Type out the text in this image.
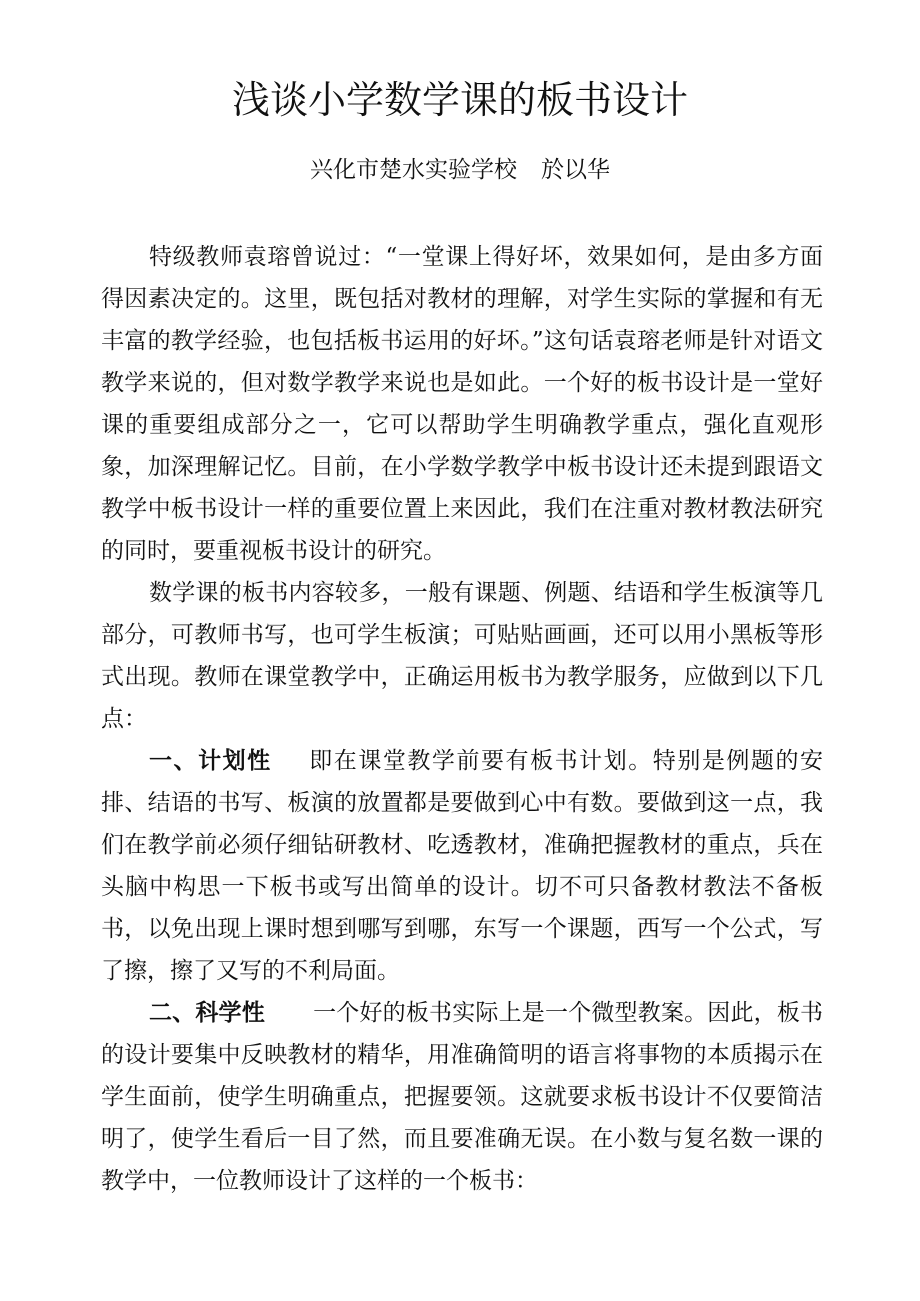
浅谈小学数学课的板书设计
兴化市楚水实验学校 於以华

特级教师袁瑢曾说过：“一堂课上得好坏，效果如何，是由多方面得因素决定的。这里，既包括对教材的理解，对学生实际的掌握和有无丰富的教学经验，也包括板书运用的好坏。”这句话袁瑢老师是针对语文教学来说的，但对数学教学来说也是如此。一个好的板书设计是一堂好课的重要组成部分之一，它可以帮助学生明确教学重点，强化直观形象，加深理解记忆。目前，在小学数学教学中板书设计还未提到跟语文教学中板书设计一样的重要位置上来因此，我们在注重对教材教法研究的同时，要重视板书设计的研究。

数学课的板书内容较多，一般有课题、例题、结语和学生板演等几部分，可教师书写，也可学生板演；可贴贴画画，还可以用小黑板等形式出现。教师在课堂教学中，正确运用板书为教学服务，应做到以下几点：

一、计划性 即在课堂教学前要有板书计划。特别是例题的安排、结语的书写、板演的放置都是要做到心中有数。要做到这一点，我们在教学前必须仔细钻研教材、吃透教材，准确把握教材的重点，兵在头脑中构思一下板书或写出简单的设计。切不可只备教材教法不备板书，以免出现上课时想到哪写到哪，东写一个课题，西写一个公式，写了擦，擦了又写的不利局面。

二、科学性 一个好的板书实际上是一个微型教案。因此，板书的设计要集中反映教材的精华，用准确简明的语言将事物的本质揭示在学生面前，使学生明确重点，把握要领。这就要求板书设计不仅要简洁明了，使学生看后一目了然，而且要准确无误。在小数与复名数一课的教学中，一位教师设计了这样的一个板书：
